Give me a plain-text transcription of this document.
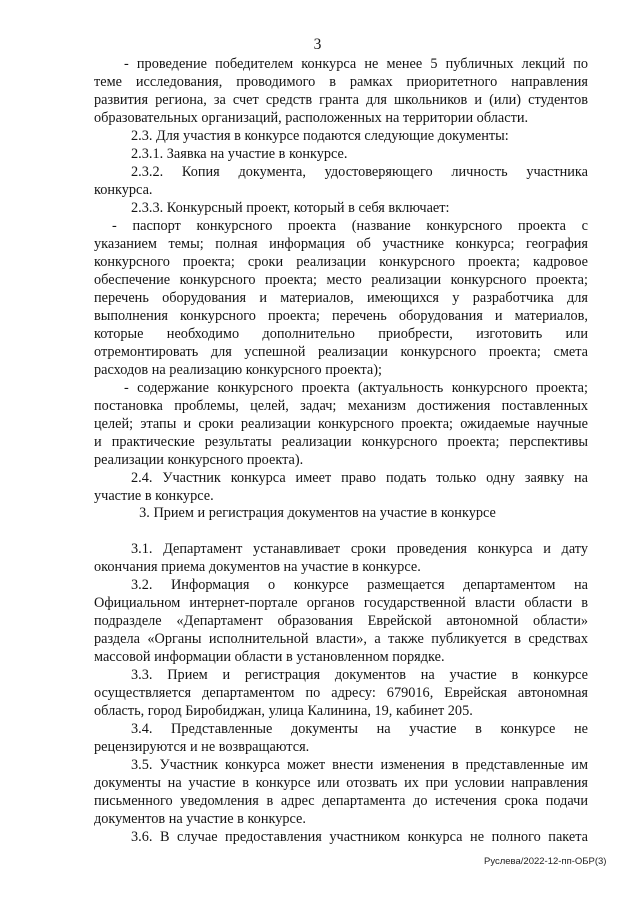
3
- проведение победителем конкурса не менее 5 публичных лекций по
теме исследования, проводимого в рамках приоритетного направления
развития региона, за счет средств гранта для школьников и (или) студентов
образовательных организаций, расположенных на территории области.
2.3. Для участия в конкурсе подаются следующие документы:
2.3.1. Заявка на участие в конкурсе.
2.3.2. Копия документа, удостоверяющего личность участника
конкурса.
2.3.3. Конкурсный проект, который в себя включает:
- паспорт конкурсного проекта (название конкурсного проекта с
указанием темы; полная информация об участнике конкурса; география
конкурсного проекта; сроки реализации конкурсного проекта; кадровое
обеспечение конкурсного проекта; место реализации конкурсного проекта;
перечень оборудования и материалов, имеющихся у разработчика для
выполнения конкурсного проекта; перечень оборудования и материалов,
которые необходимо дополнительно приобрести, изготовить или
отремонтировать для успешной реализации конкурсного проекта; смета
расходов на реализацию конкурсного проекта);
- содержание конкурсного проекта (актуальность конкурсного проекта;
постановка проблемы, целей, задач; механизм достижения поставленных
целей; этапы и сроки реализации конкурсного проекта; ожидаемые научные
и практические результаты реализации конкурсного проекта; перспективы
реализации конкурсного проекта).
2.4. Участник конкурса имеет право подать только одну заявку на
участие в конкурсе.
3. Прием и регистрация документов на участие в конкурсе
3.1. Департамент устанавливает сроки проведения конкурса и дату
окончания приема документов на участие в конкурсе.
3.2. Информация о конкурсе размещается департаментом на
Официальном интернет-портале органов государственной власти области в
подразделе «Департамент образования Еврейской автономной области»
раздела «Органы исполнительной власти», а также публикуется в средствах
массовой информации области в установленном порядке.
3.3. Прием и регистрация документов на участие в конкурсе
осуществляется департаментом по адресу: 679016, Еврейская автономная
область, город Биробиджан, улица Калинина, 19, кабинет 205.
3.4. Представленные документы на участие в конкурсе не
рецензируются и не возвращаются.
3.5. Участник конкурса может внести изменения в представленные им
документы на участие в конкурсе или отозвать их при условии направления
письменного уведомления в адрес департамента до истечения срока подачи
документов на участие в конкурсе.
3.6. В случае предоставления участником конкурса не полного пакета
Руслева/2022-12-пп-ОБР(3)
